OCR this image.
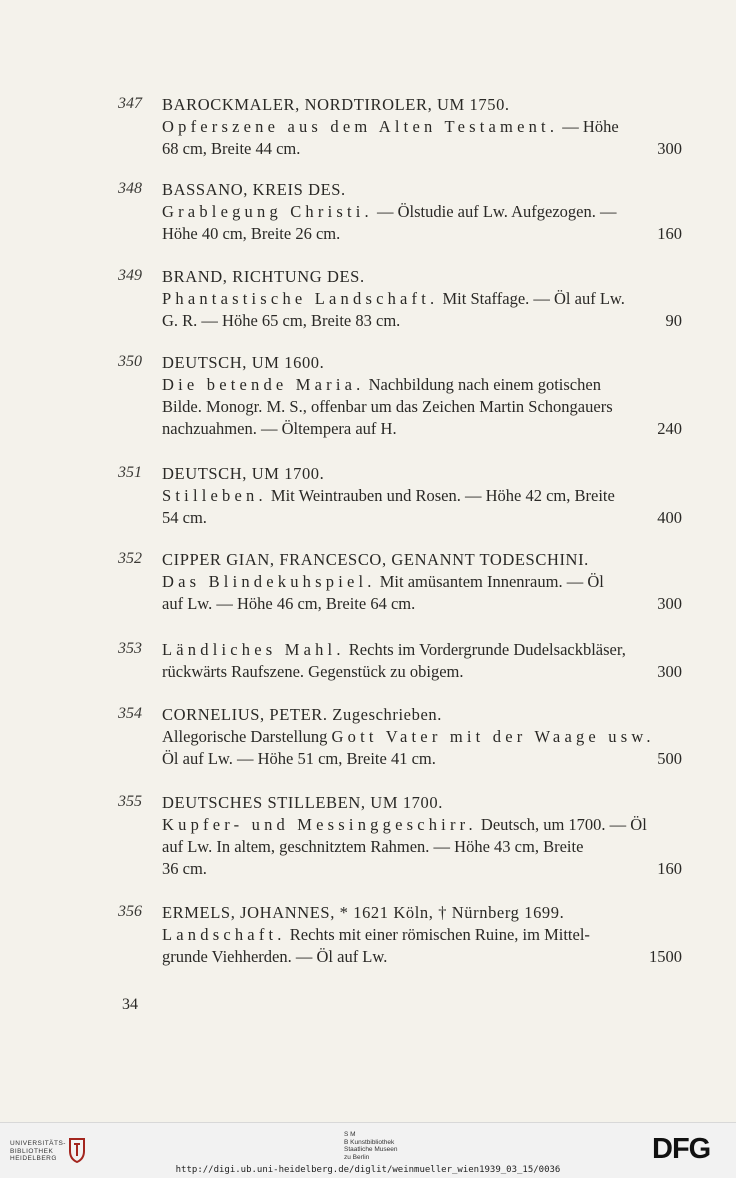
347	BAROCKMALER, NORDTIROLER, UM 1750.
Opferszene aus dem Alten Testament. — Höhe
68 cm, Breite 44 cm.	300
348	BASSANO, KREIS DES.
Grablegung Christi. — Ölstudie auf Lw. Aufgezogen. —
Höhe 40 cm, Breite 26 cm.	160
349	BRAND, RICHTUNG DES.
Phantastische Landschaft. Mit Staffage. — Öl auf Lw.
G. R. — Höhe 65 cm, Breite 83 cm.	90
350	DEUTSCH, UM 1600.
Die betende Maria. Nachbildung nach einem gotischen
Bilde. Monogr. M. S., offenbar um das Zeichen Martin Schongauers
nachzuahmen. — Öltempera auf H.	240
351	DEUTSCH, UM 1700.
Stilleben. Mit Weintrauben und Rosen. — Höhe 42 cm, Breite
54 cm.	400
352	CIPPER GIAN, FRANCESCO, GENANNT TODESCHINI.
Das Blindekuhspiel. Mit amüsantem Innenraum. — Öl
auf Lw. — Höhe 46 cm, Breite 64 cm.	300
353	Ländliches Mahl. Rechts im Vordergrunde Dudelsackbläser,
rückwärts Raufszene. Gegenstück zu obigem.	300
354	CORNELIUS, PETER. Zugeschrieben.
Allegorische Darstellung Gott Vater mit der Waage usw.
Öl auf Lw. — Höhe 51 cm, Breite 41 cm.	500
355	DEUTSCHES STILLEBEN, UM 1700.
Kupfer- und Messinggeschirr. Deutsch, um 1700. — Öl
auf Lw. In altem, geschnitztem Rahmen. — Höhe 43 cm, Breite
36 cm.	160
356	ERMELS, JOHANNES, * 1621 Köln, † Nürnberg 1699.
Landschaft. Rechts mit einer römischen Ruine, im Mittel-
grunde Viehherden. — Öl auf Lw.	1500
34
UNIVERSITÄTS-
BIBLIOTHEK
HEIDELBERG
S M
B Kunstbibliothek
Staatliche Museen
zu Berlin
http://digi.ub.uni-heidelberg.de/diglit/weinmueller_wien1939_03_15/0036
DFG
